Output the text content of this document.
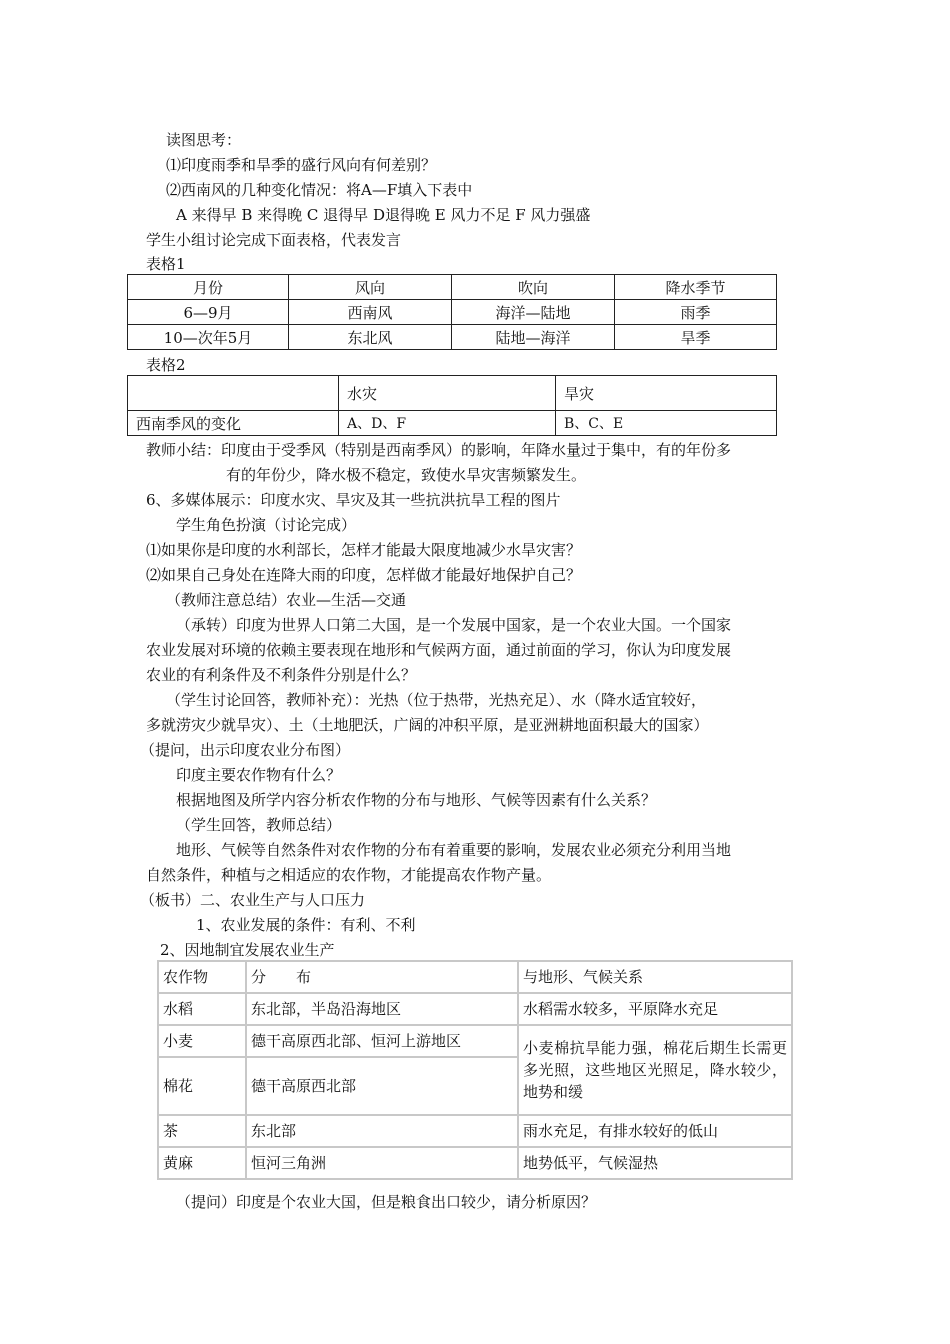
读图思考：
⑴印度雨季和旱季的盛行风向有何差别？
⑵西南风的几种变化情况：将A—F填入下表中
A 来得早 B 来得晚 C 退得早 D退得晚 E 风力不足 F 风力强盛
学生小组讨论完成下面表格，代表发言
表格1
月份	风向	吹向	降水季节
6—9月	西南风	海洋—陆地	雨季
10—次年5月	东北风	陆地—海洋	旱季
表格2
	水灾	旱灾
西南季风的变化	A、D、F	B、C、E
教师小结：印度由于受季风（特别是西南季风）的影响，年降水量过于集中，有的年份多
有的年份少，降水极不稳定，致使水旱灾害频繁发生。
6、多媒体展示：印度水灾、旱灾及其一些抗洪抗旱工程的图片
学生角色扮演（讨论完成）
⑴如果你是印度的水利部长，怎样才能最大限度地减少水旱灾害？
⑵如果自己身处在连降大雨的印度，怎样做才能最好地保护自己？
（教师注意总结）农业—生活—交通
（承转）印度为世界人口第二大国，是一个发展中国家，是一个农业大国。一个国家
农业发展对环境的依赖主要表现在地形和气候两方面，通过前面的学习，你认为印度发展
农业的有利条件及不利条件分别是什么？
（学生讨论回答，教师补充）：光热（位于热带，光热充足）、水（降水适宜较好，
多就涝灾少就旱灾）、土（土地肥沃，广阔的冲积平原，是亚洲耕地面积最大的国家）
（提问，出示印度农业分布图）
印度主要农作物有什么？
根据地图及所学内容分析农作物的分布与地形、气候等因素有什么关系？
（学生回答，教师总结）
地形、气候等自然条件对农作物的分布有着重要的影响，发展农业必须充分利用当地
自然条件，种植与之相适应的农作物，才能提高农作物产量。
（板书）二、农业生产与人口压力
1、农业发展的条件：有利、不利
2、因地制宜发展农业生产
农作物	分　　布	与地形、气候关系
水稻	东北部，半岛沿海地区	水稻需水较多，平原降水充足
小麦	德干高原西北部、恒河上游地区	小麦棉抗旱能力强，棉花后期生长需更多光照，这些地区光照足，降水较少，地势和缓
棉花	德干高原西北部	
茶	东北部	雨水充足，有排水较好的低山
黄麻	恒河三角洲	地势低平，气候湿热
（提问）印度是个农业大国，但是粮食出口较少，请分析原因？
